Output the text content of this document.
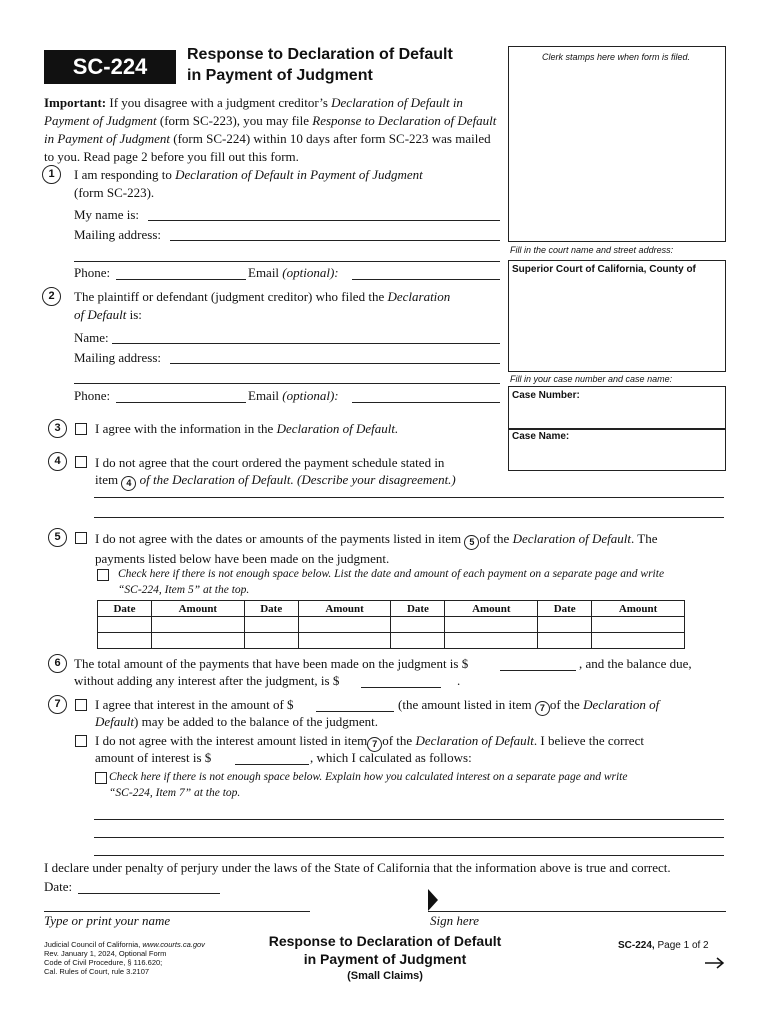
SC-224	Response to Declaration of Default
in Payment of Judgment
Clerk stamps here when form is filed.
Important: If you disagree with a judgment creditor’s Declaration of Default in Payment of Judgment (form SC-223), you may file Response to Declaration of Default in Payment of Judgment (form SC-224) within 10 days after form SC-223 was mailed to you. Read page 2 before you fill out this form.
1	I am responding to Declaration of Default in Payment of Judgment
(form SC-223).
My name is:
Mailing address:
Phone:	Email (optional):
Fill in the court name and street address:
Superior Court of California, County of
Fill in your case number and case name:
Case Number:
Case Name:
2	The plaintiff or defendant (judgment creditor) who filed the Declaration
of Default is:
Name:
Mailing address:
Phone:	Email (optional):
3	I agree with the information in the Declaration of Default.
4	I do not agree that the court ordered the payment schedule stated in
item 4 of the Declaration of Default. (Describe your disagreement.)
5	I do not agree with the dates or amounts of the payments listed in item 5 of the Declaration of Default. The
payments listed below have been made on the judgment.
Check here if there is not enough space below. List the date and amount of each payment on a separate page and write
“SC-224, Item 5” at the top.
Date	Amount	Date	Amount	Date	Amount	Date	Amount

6	The total amount of the payments that have been made on the judgment is $	, and the balance due,
without adding any interest after the judgment, is $	.
7	I agree that interest in the amount of $	(the amount listed in item 7 of the Declaration of
Default) may be added to the balance of the judgment.
I do not agree with the interest amount listed in item 7 of the Declaration of Default. I believe the correct
amount of interest is $	, which I calculated as follows:
Check here if there is not enough space below. Explain how you calculated interest on a separate page and write
“SC-224, Item 7” at the top.
I declare under penalty of perjury under the laws of the State of California that the information above is true and correct.
Date:
Type or print your name	Sign here
Judicial Council of California, www.courts.ca.gov
Rev. January 1, 2024, Optional Form
Code of Civil Procedure, § 116.620;
Cal. Rules of Court, rule 3.2107
Response to Declaration of Default
in Payment of Judgment
(Small Claims)
SC-224, Page 1 of 2
